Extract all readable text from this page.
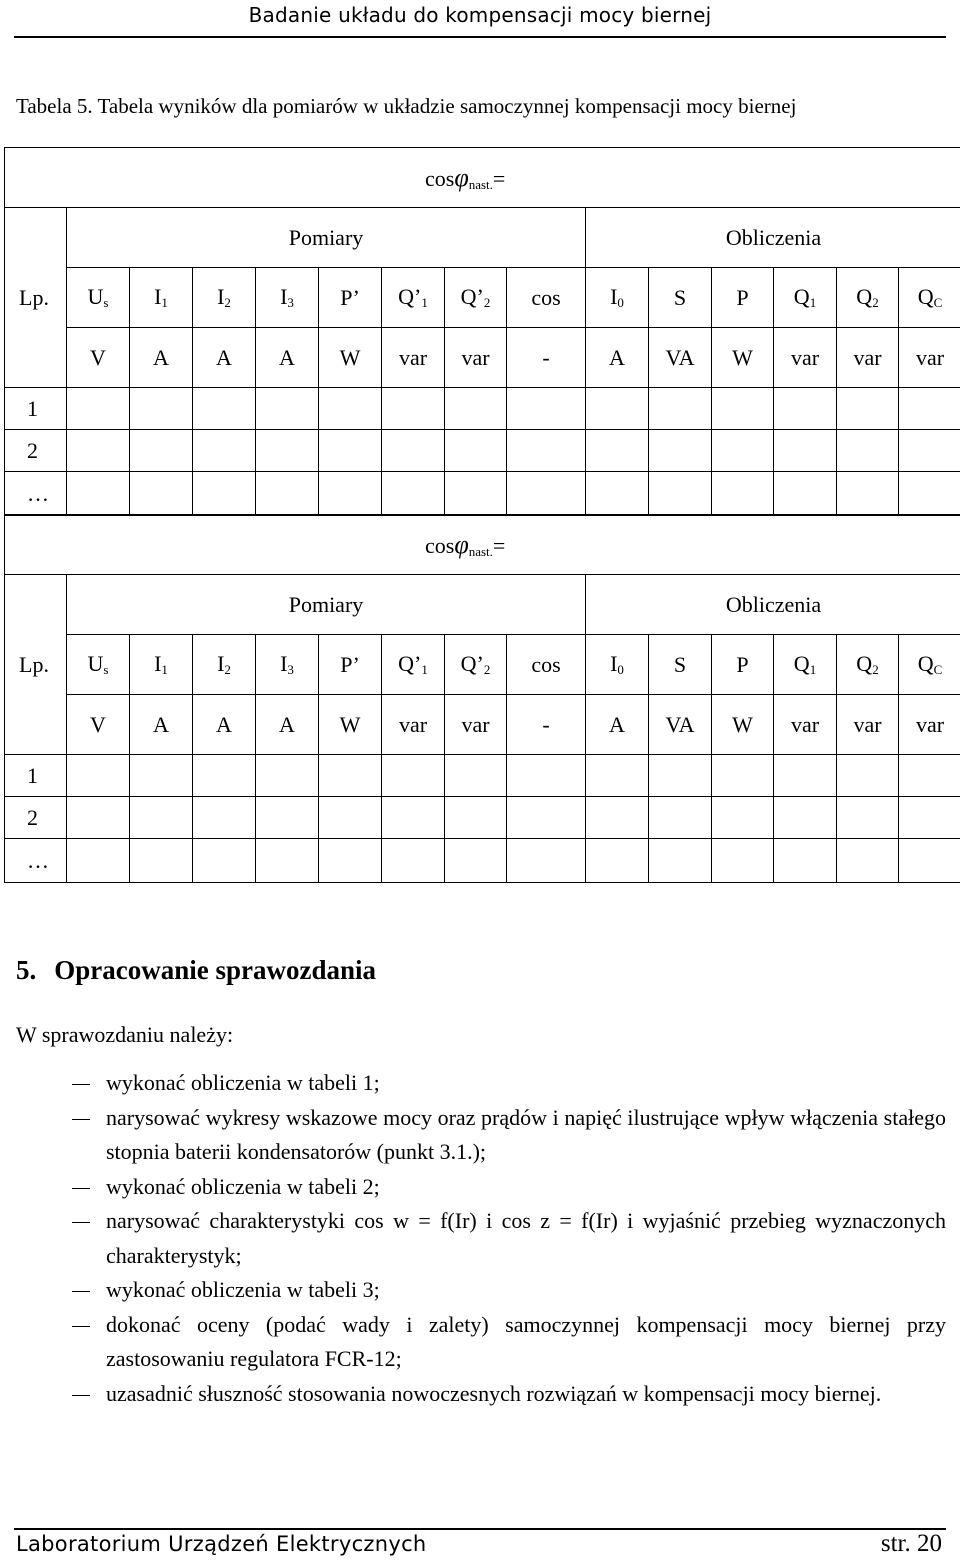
Badanie układu do kompensacji mocy biernej
Tabela 5. Tabela wyników dla pomiarów w układzie samoczynnej kompensacji mocy biernej
cosφ$_{nast.}$=														
	Pomiary								Obliczenia					
Lp.	$U_s$	$I_1$	$I_2$	$I_3$	P’	$Q’_1$	$Q’_2$	cos	$I_0$	S	P	$Q_1$	$Q_2$	$Q_C$
	V	A	A	A	W	var	var	-	A	VA	W	var	var	var
1														
2														
…														
cosφ$_{nast.}$=														
	Pomiary								Obliczenia					
Lp.	$U_s$	$I_1$	$I_2$	$I_3$	P’	$Q’_1$	$Q’_2$	cos	$I_0$	S	P	$Q_1$	$Q_2$	$Q_C$
	V	A	A	A	W	var	var	-	A	VA	W	var	var	var
1														
2														
…														
5. Opracowanie sprawozdania
W sprawozdaniu należy:
wykonać obliczenia w tabeli 1;
narysować wykresy wskazowe mocy oraz prądów i napięć ilustrujące wpływ włączenia stałego stopnia baterii kondensatorów (punkt 3.1.);
wykonać obliczenia w tabeli 2;
narysować charakterystyki cos w = f(Ir) i cos z = f(Ir) i wyjaśnić przebieg wyznaczonych charakterystyk;
wykonać obliczenia w tabeli 3;
dokonać oceny (podać wady i zalety) samoczynnej kompensacji mocy biernej przy zastosowaniu regulatora FCR-12;
uzasadnić słuszność stosowania nowoczesnych rozwiązań w kompensacji mocy biernej.
Laboratorium Urządzeń Elektrycznych	str. 20
